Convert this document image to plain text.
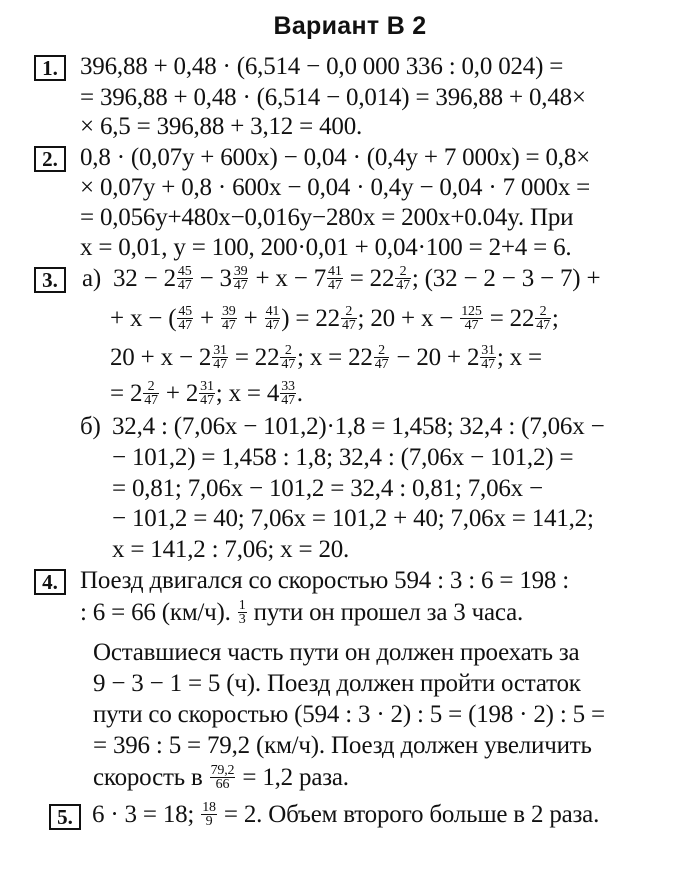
Вариант В 2
1. 396,88 + 0,48 · (6,514 − 0,0 000 336 : 0,0 024) =
= 396,88 + 0,48 · (6,514 − 0,014) = 396,88 + 0,48×
× 6,5 = 396,88 + 3,12 = 400.
2. 0,8 · (0,07y + 600x) − 0,04 · (0,4y + 7 000x) = 0,8×
× 0,07y + 0,8 · 600x − 0,04 · 0,4y − 0,04 · 7 000x =
= 0,056y+480x−0,016y−280x = 200x+0.04y. При
x = 0,01, y = 100, 200·0,01 + 0,04·100 = 2+4 = 6.
3. а) $32 - 2 \frac{45}{47} - 3 \frac{39}{47} + x - 7 \frac{41}{47} = 22 \frac{2}{47}$ ; (32 − 2 − 3 − 7) +
+ x − ( $\frac{45}{47} + \frac{39}{47} + \frac{41}{47}$ ) = $22 \frac{2}{47}$ ; $20 + x - \frac{125}{47} = 22 \frac{2}{47}$ ;
$20 + x - 2 \frac{31}{47} = 22 \frac{2}{47}$ ; $x = 22 \frac{2}{47} - 20 + 2 \frac{31}{47}$ ; x =
= $2 \frac{2}{47} + 2 \frac{31}{47}$ ; $x = 4 \frac{33}{47}$ .
б) 32,4 : (7,06x − 101,2)·1,8 = 1,458; 32,4 : (7,06x −
− 101,2) = 1,458 : 1,8; 32,4 : (7,06x − 101,2) =
= 0,81; 7,06x − 101,2 = 32,4 : 0,81; 7,06x −
− 101,2 = 40; 7,06x = 101,2 + 40; 7,06x = 141,2;
x = 141,2 : 7,06; x = 20.
4. Поезд двигался со скоростью 594 : 3 : 6 = 198 :
: 6 = 66 (км/ч). $\frac{1}{3}$ пути он прошел за 3 часа.
Оставшиеся часть пути он должен проехать за
9 − 3 − 1 = 5 (ч). Поезд должен пройти остаток
пути со скоростью (594 : 3 · 2) : 5 = (198 · 2) : 5 =
= 396 : 5 = 79,2 (км/ч). Поезд должен увеличить
скорость в $\frac{79,2}{66} = 1,2$ раза.
5. 6 · 3 = 18; $\frac{18}{9} = 2$. Объем второго больше в 2 раза.
